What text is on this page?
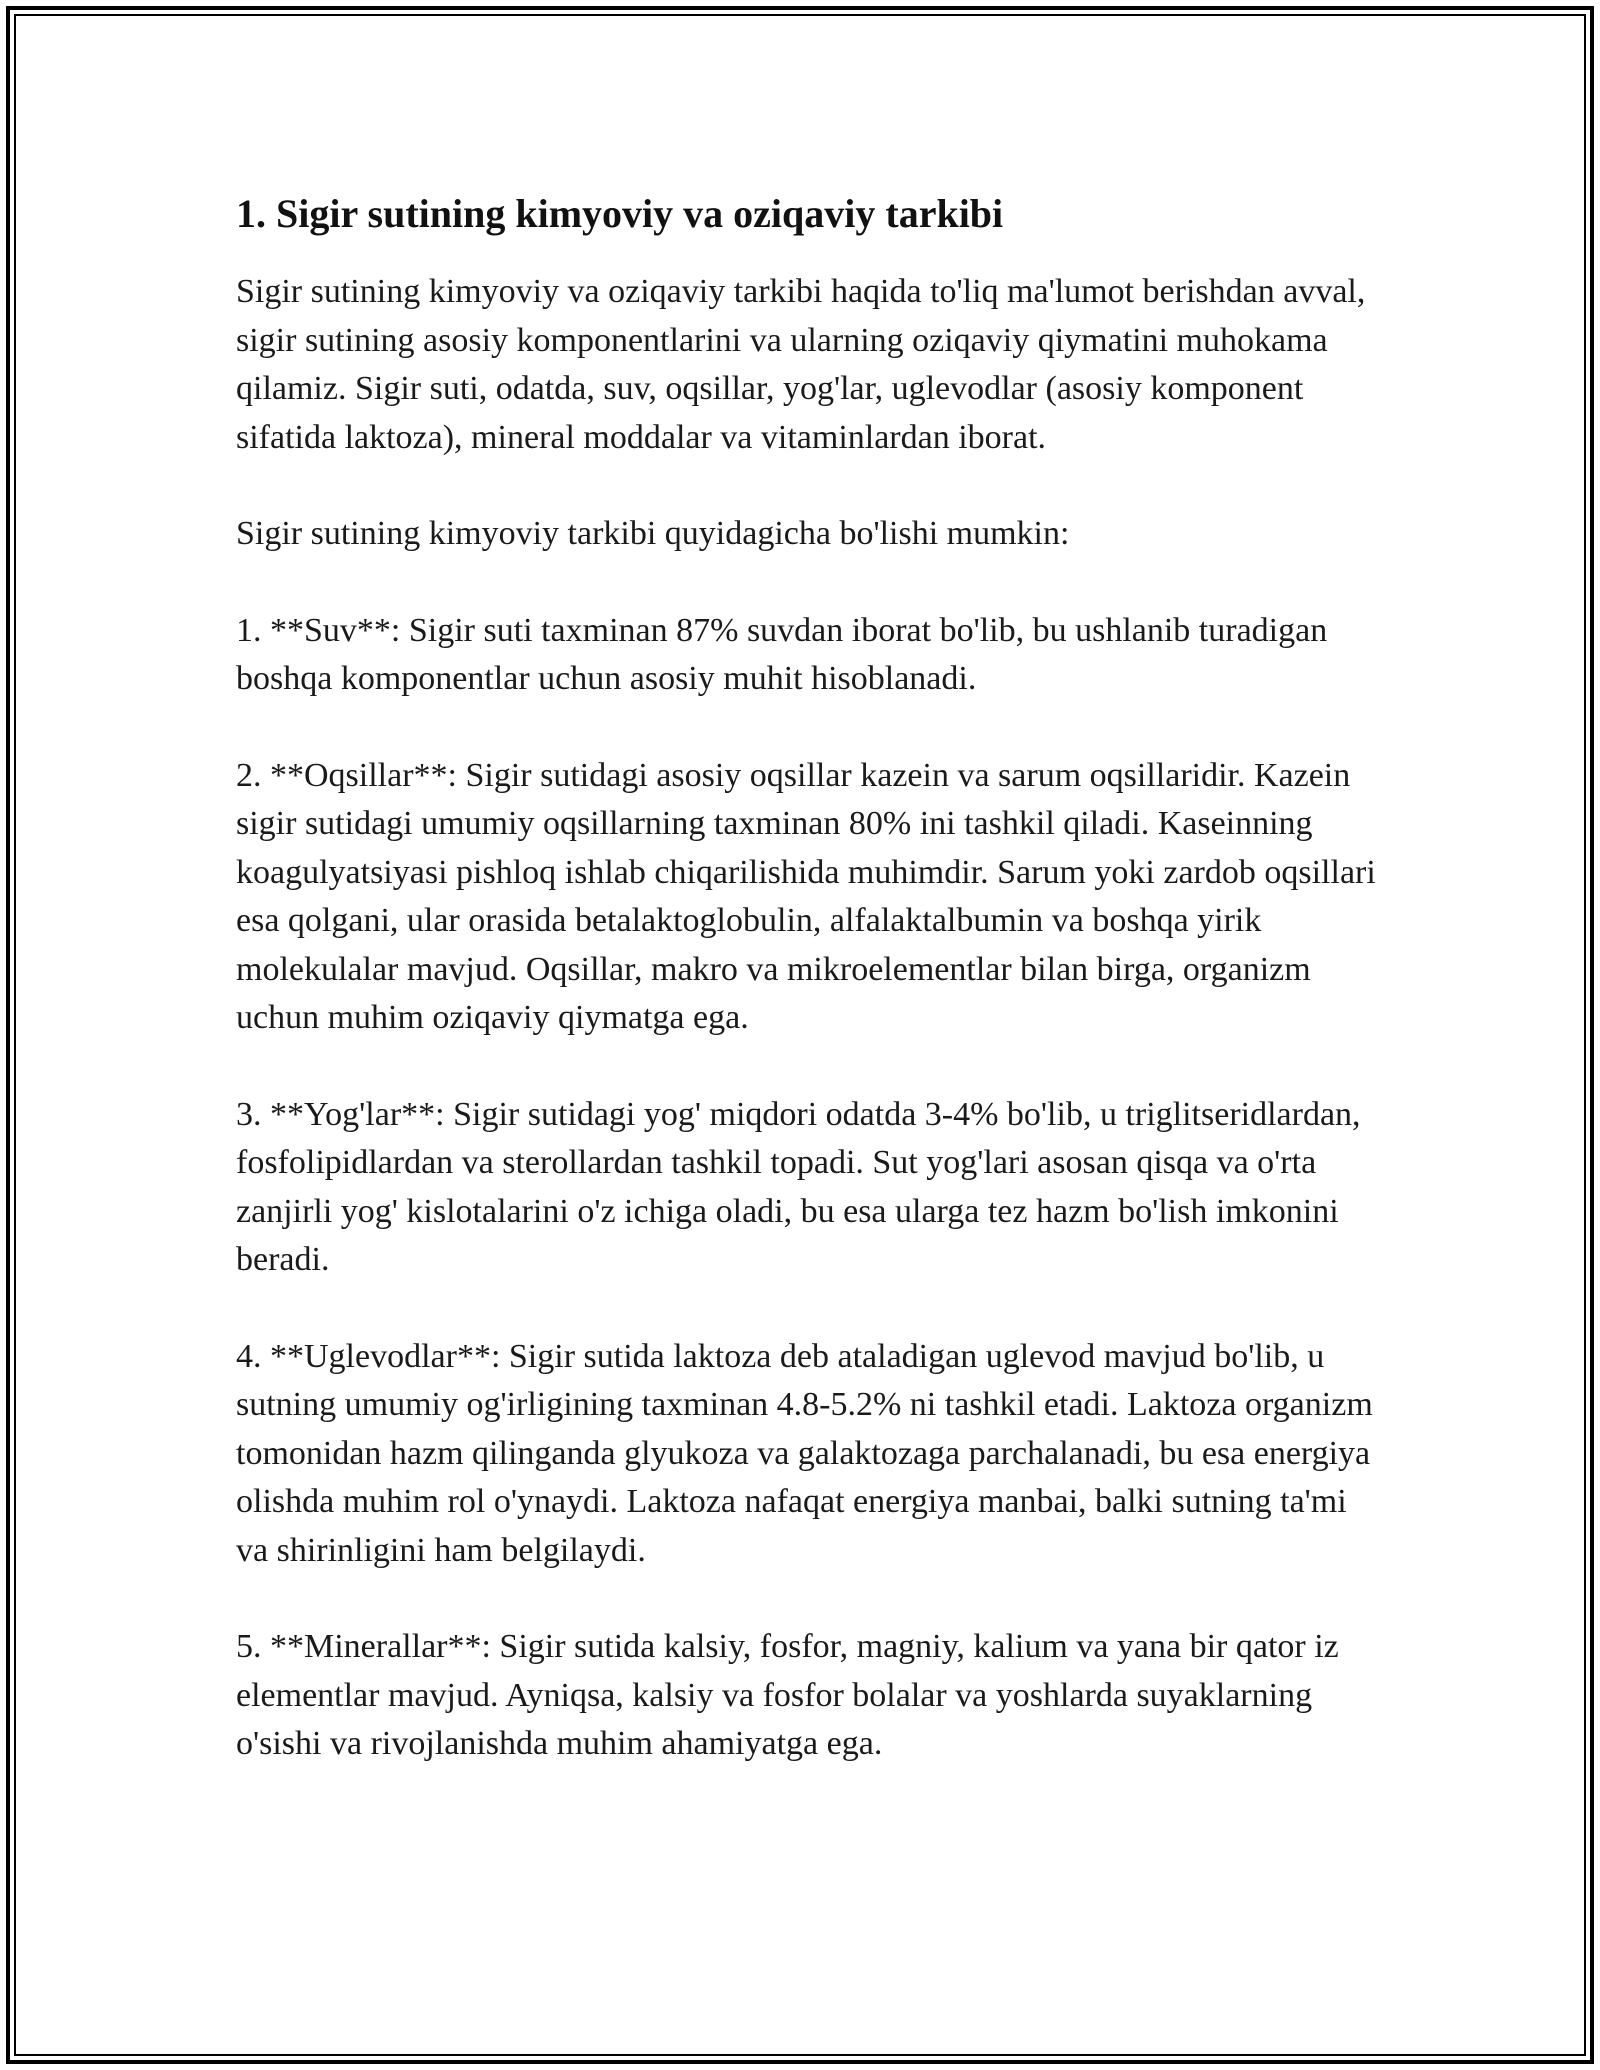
1. Sigir sutining kimyoviy va oziqaviy tarkibi

Sigir sutining kimyoviy va oziqaviy tarkibi haqida to'liq ma'lumot berishdan avval, sigir sutining asosiy komponentlarini va ularning oziqaviy qiymatini muhokama qilamiz. Sigir suti, odatda, suv, oqsillar, yog'lar, uglevodlar (asosiy komponent sifatida laktoza), mineral moddalar va vitaminlardan iborat.

Sigir sutining kimyoviy tarkibi quyidagicha bo'lishi mumkin:

1. **Suv**: Sigir suti taxminan 87% suvdan iborat bo'lib, bu ushlanib turadigan boshqa komponentlar uchun asosiy muhit hisoblanadi.

2. **Oqsillar**: Sigir sutidagi asosiy oqsillar kazein va sarum oqsillaridir. Kazein sigir sutidagi umumiy oqsillarning taxminan 80% ini tashkil qiladi. Kaseinning koagulyatsiyasi pishloq ishlab chiqarilishida muhimdir. Sarum yoki zardob oqsillari esa qolgani, ular orasida betalaktoglobulin, alfalaktalbumin va boshqa yirik molekulalar mavjud. Oqsillar, makro va mikroelementlar bilan birga, organizm uchun muhim oziqaviy qiymatga ega.

3. **Yog'lar**: Sigir sutidagi yog' miqdori odatda 3-4% bo'lib, u triglitseridlardan, fosfolipidlardan va sterollardan tashkil topadi. Sut yog'lari asosan qisqa va o'rta zanjirli yog' kislotalarini o'z ichiga oladi, bu esa ularga tez hazm bo'lish imkonini beradi.

4. **Uglevodlar**: Sigir sutida laktoza deb ataladigan uglevod mavjud bo'lib, u sutning umumiy og'irligining taxminan 4.8-5.2% ni tashkil etadi. Laktoza organizm tomonidan hazm qilinganda glyukoza va galaktozaga parchalanadi, bu esa energiya olishda muhim rol o'ynaydi. Laktoza nafaqat energiya manbai, balki sutning ta'mi va shirinligini ham belgilaydi.

5. **Minerallar**: Sigir sutida kalsiy, fosfor, magniy, kalium va yana bir qator iz elementlar mavjud. Ayniqsa, kalsiy va fosfor bolalar va yoshlarda suyaklarning o'sishi va rivojlanishda muhim ahamiyatga ega.
